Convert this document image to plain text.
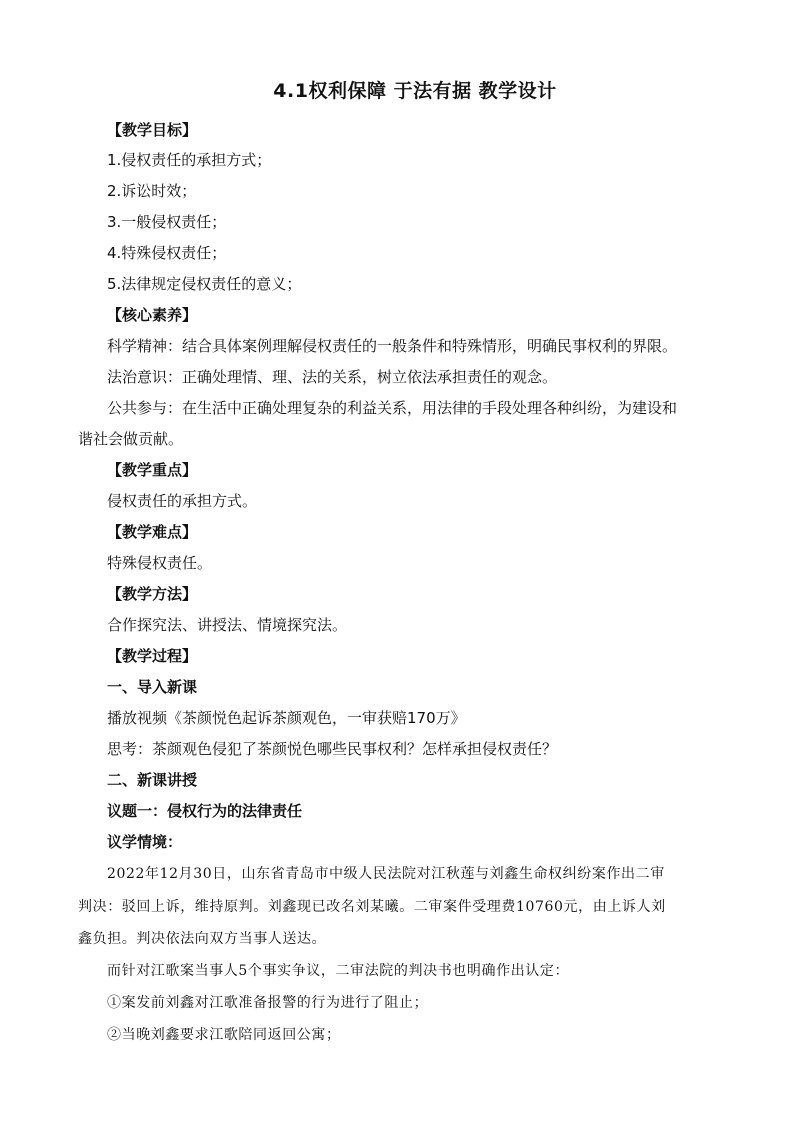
4.1权利保障 于法有据 教学设计
【教学目标】
1.侵权责任的承担方式；
2.诉讼时效；
3.一般侵权责任；
4.特殊侵权责任；
5.法律规定侵权责任的意义；
【核心素养】
科学精神：结合具体案例理解侵权责任的一般条件和特殊情形，明确民事权利的界限。
法治意识：正确处理情、理、法的关系，树立依法承担责任的观念。
公共参与：在生活中正确处理复杂的利益关系，用法律的手段处理各种纠纷，为建设和
谐社会做贡献。
【教学重点】
侵权责任的承担方式。
【教学难点】
特殊侵权责任。
【教学方法】
合作探究法、讲授法、情境探究法。
【教学过程】
一、导入新课
播放视频《茶颜悦色起诉茶颜观色，一审获赔170万》
思考：茶颜观色侵犯了茶颜悦色哪些民事权利？怎样承担侵权责任？
二、新课讲授
议题一：侵权行为的法律责任
议学情境：
2022年12月30日，山东省青岛市中级人民法院对江秋莲与刘鑫生命权纠纷案作出二审
判决：驳回上诉，维持原判。刘鑫现已改名刘某曦。二审案件受理费10760元，由上诉人刘
鑫负担。判决依法向双方当事人送达。
而针对江歌案当事人5个事实争议，二审法院的判决书也明确作出认定：
①案发前刘鑫对江歌准备报警的行为进行了阻止；
②当晚刘鑫要求江歌陪同返回公寓；
